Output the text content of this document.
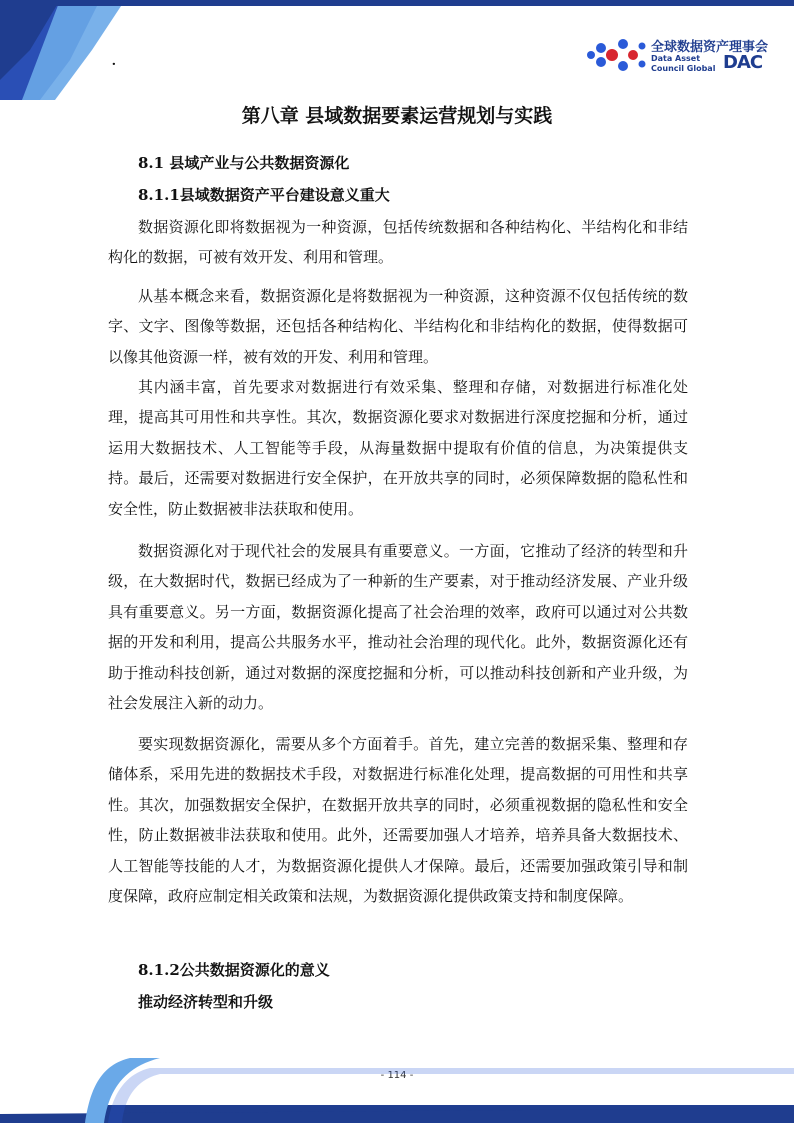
·
全球数据资产理事会
Data Asset
Council Global DAC
第八章 县域数据要素运营规划与实践
8.1 县域产业与公共数据资源化
8.1.1县域数据资产平台建设意义重大
数据资源化即将数据视为一种资源，包括传统数据和各种结构化、半结构化和非结构化的数据，可被有效开发、利用和管理。
从基本概念来看，数据资源化是将数据视为一种资源，这种资源不仅包括传统的数字、文字、图像等数据，还包括各种结构化、半结构化和非结构化的数据，使得数据可以像其他资源一样，被有效的开发、利用和管理。
其内涵丰富，首先要求对数据进行有效采集、整理和存储，对数据进行标准化处理，提高其可用性和共享性。其次，数据资源化要求对数据进行深度挖掘和分析，通过运用大数据技术、人工智能等手段，从海量数据中提取有价值的信息，为决策提供支持。最后，还需要对数据进行安全保护，在开放共享的同时，必须保障数据的隐私性和安全性，防止数据被非法获取和使用。
数据资源化对于现代社会的发展具有重要意义。一方面，它推动了经济的转型和升级，在大数据时代，数据已经成为了一种新的生产要素，对于推动经济发展、产业升级具有重要意义。另一方面，数据资源化提高了社会治理的效率，政府可以通过对公共数据的开发和利用，提高公共服务水平，推动社会治理的现代化。此外，数据资源化还有助于推动科技创新，通过对数据的深度挖掘和分析，可以推动科技创新和产业升级，为社会发展注入新的动力。
要实现数据资源化，需要从多个方面着手。首先，建立完善的数据采集、整理和存储体系，采用先进的数据技术手段，对数据进行标准化处理，提高数据的可用性和共享性。其次，加强数据安全保护，在数据开放共享的同时，必须重视数据的隐私性和安全性，防止数据被非法获取和使用。此外，还需要加强人才培养，培养具备大数据技术、人工智能等技能的人才，为数据资源化提供人才保障。最后，还需要加强政策引导和制度保障，政府应制定相关政策和法规，为数据资源化提供政策支持和制度保障。
8.1.2公共数据资源化的意义
推动经济转型和升级
- 114 -
